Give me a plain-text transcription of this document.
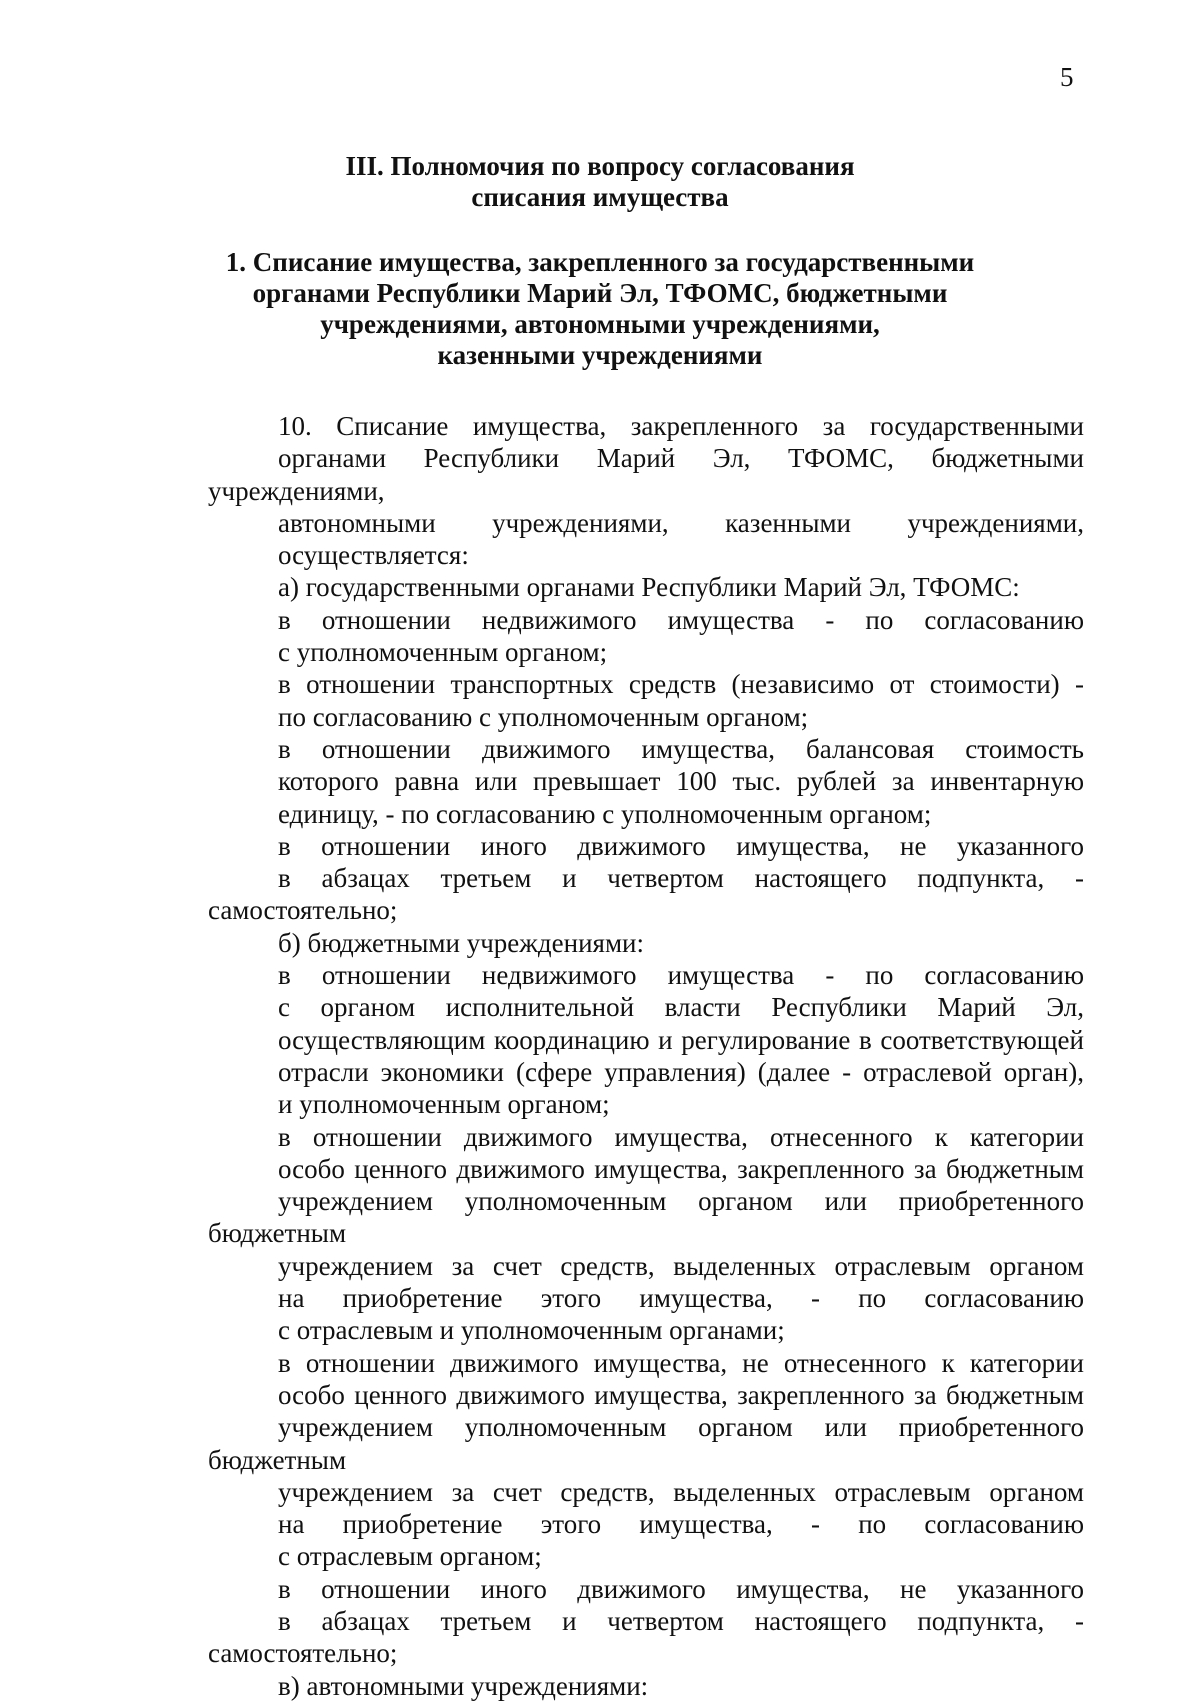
5
III. Полномочия по вопросу согласования
списания имущества
1. Списание имущества, закрепленного за государственными
органами Республики Марий Эл, ТФОМС, бюджетными
учреждениями, автономными учреждениями,
казенными учреждениями
10. Списание имущества, закрепленного за государственными
органами Республики Марий Эл, ТФОМС, бюджетными учреждениями,
автономными учреждениями, казенными учреждениями,
осуществляется:
а) государственными органами Республики Марий Эл, ТФОМС:
в отношении недвижимого имущества - по согласованию
с уполномоченным органом;
в отношении транспортных средств (независимо от стоимости) -
по согласованию с уполномоченным органом;
в отношении движимого имущества, балансовая стоимость
которого равна или превышает 100 тыс. рублей за инвентарную
единицу, - по согласованию с уполномоченным органом;
в отношении иного движимого имущества, не указанного
в абзацах третьем и четвертом настоящего подпункта, - самостоятельно;
б) бюджетными учреждениями:
в отношении недвижимого имущества - по согласованию
с органом исполнительной власти Республики Марий Эл,
осуществляющим координацию и регулирование в соответствующей
отрасли экономики (сфере управления) (далее - отраслевой орган),
и уполномоченным органом;
в отношении движимого имущества, отнесенного к категории
особо ценного движимого имущества, закрепленного за бюджетным
учреждением уполномоченным органом или приобретенного бюджетным
учреждением за счет средств, выделенных отраслевым органом
на приобретение этого имущества, - по согласованию
с отраслевым и уполномоченным органами;
в отношении движимого имущества, не отнесенного к категории
особо ценного движимого имущества, закрепленного за бюджетным
учреждением уполномоченным органом или приобретенного бюджетным
учреждением за счет средств, выделенных отраслевым органом
на приобретение этого имущества, - по согласованию
с отраслевым органом;
в отношении иного движимого имущества, не указанного
в абзацах третьем и четвертом настоящего подпункта, - самостоятельно;
в) автономными учреждениями:
